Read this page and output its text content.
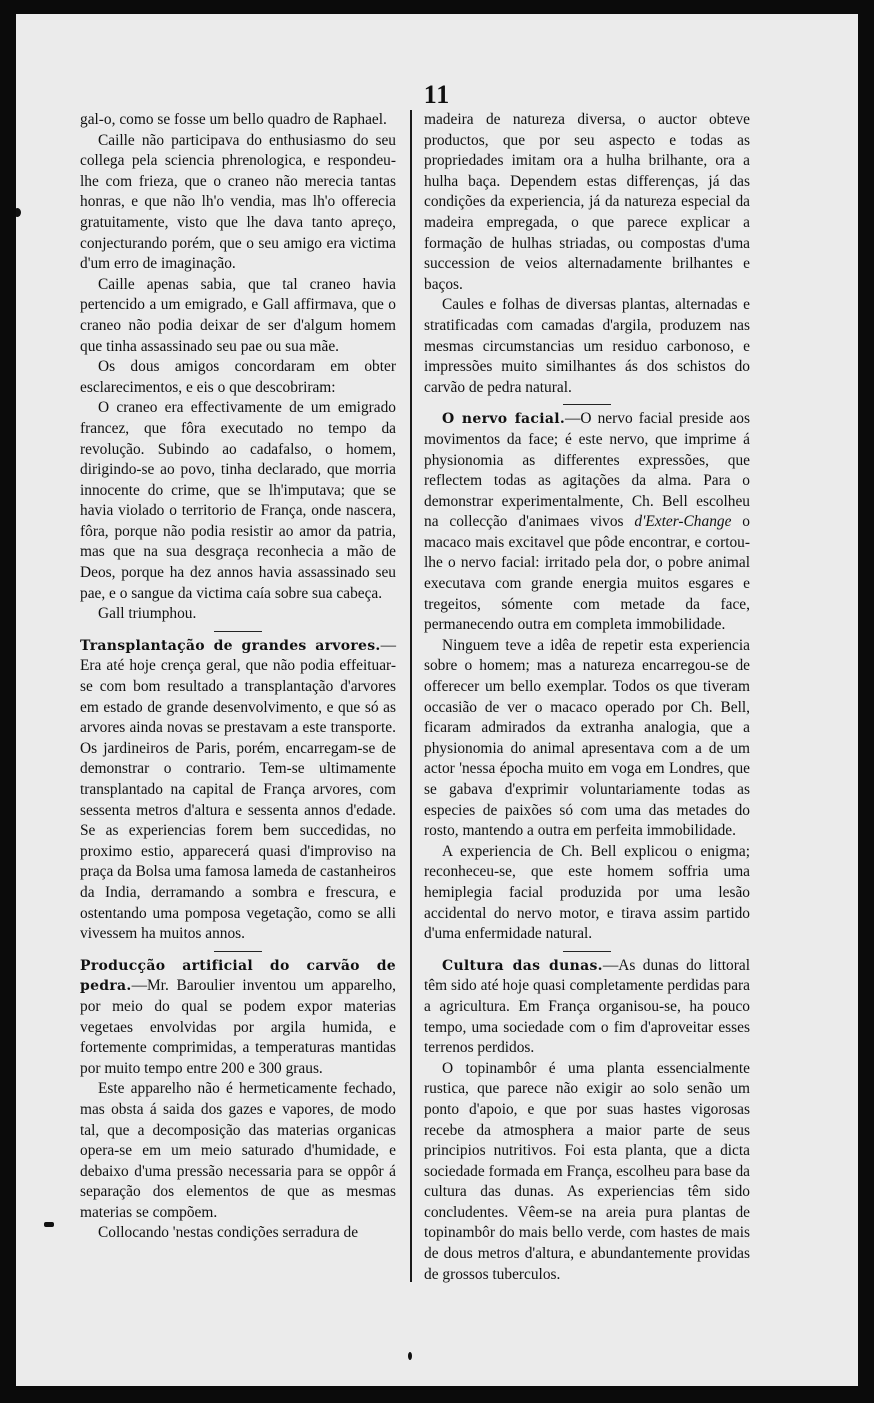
11

gal-o, como se fosse um bello quadro de Raphael.

Caille não participava do enthusiasmo do seu collega pela sciencia phrenologica, e respondeu-lhe com frieza, que o craneo não merecia tantas honras, e que não lh'o vendia, mas lh'o offerecia gratuitamente, visto que lhe dava tanto apreço, conjecturando porém, que o seu amigo era victima d'um erro de imaginação.

Caille apenas sabia, que tal craneo havia pertencido a um emigrado, e Gall affirmava, que o craneo não podia deixar de ser d'algum homem que tinha assassinado seu pae ou sua mãe.

Os dous amigos concordaram em obter esclarecimentos, e eis o que descobriram:

O craneo era effectivamente de um emigrado francez, que fôra executado no tempo da revolução. Subindo ao cadafalso, o homem, dirigindo-se ao povo, tinha declarado, que morria innocente do crime, que se lh'imputava; que se havia violado o territorio de França, onde nascera, fôra, porque não podia resistir ao amor da patria, mas que na sua desgraça reconhecia a mão de Deos, porque ha dez annos havia assassinado seu pae, e o sangue da victima caía sobre sua cabeça.

Gall triumphou.

Transplantação de grandes arvores.—Era até hoje crença geral, que não podia effeituar-se com bom resultado a transplantação d'arvores em estado de grande desenvolvimento, e que só as arvores ainda novas se prestavam a este transporte. Os jardineiros de Paris, porém, encarregam-se de demonstrar o contrario. Tem-se ultimamente transplantado na capital de França arvores, com sessenta metros d'altura e sessenta annos d'edade. Se as experiencias forem bem succedidas, no proximo estio, apparecerá quasi d'improviso na praça da Bolsa uma famosa lameda de castanheiros da India, derramando a sombra e frescura, e ostentando uma pomposa vegetação, como se alli vivessem ha muitos annos.

Producção artificial do carvão de pedra.—Mr. Baroulier inventou um apparelho, por meio do qual se podem expor materias vegetaes envolvidas por argila humida, e fortemente comprimidas, a temperaturas mantidas por muito tempo entre 200 e 300 graus.

Este apparelho não é hermeticamente fechado, mas obsta á saida dos gazes e vapores, de modo tal, que a decomposição das materias organicas opera-se em um meio saturado d'humidade, e debaixo d'uma pressão necessaria para se oppôr á separação dos elementos de que as mesmas materias se compõem.

Collocando 'nestas condições serradura de

madeira de natureza diversa, o auctor obteve productos, que por seu aspecto e todas as propriedades imitam ora a hulha brilhante, ora a hulha baça. Dependem estas differenças, já das condições da experiencia, já da natureza especial da madeira empregada, o que parece explicar a formação de hulhas striadas, ou compostas d'uma succession de veios alternadamente brilhantes e baços.

Caules e folhas de diversas plantas, alternadas e stratificadas com camadas d'argila, produzem nas mesmas circumstancias um residuo carbonoso, e impressões muito similhantes ás dos schistos do carvão de pedra natural.

O nervo facial.—O nervo facial preside aos movimentos da face; é este nervo, que imprime á physionomia as differentes expressões, que reflectem todas as agitações da alma. Para o demonstrar experimentalmente, Ch. Bell escolheu na collecção d'animaes vivos d'Exter-Change o macaco mais excitavel que pôde encontrar, e cortou-lhe o nervo facial: irritado pela dor, o pobre animal executava com grande energia muitos esgares e tregeitos, sómente com metade da face, permanecendo outra em completa immobilidade.

Ninguem teve a idêa de repetir esta experiencia sobre o homem; mas a natureza encarregou-se de offerecer um bello exemplar. Todos os que tiveram occasião de ver o macaco operado por Ch. Bell, ficaram admirados da extranha analogia, que a physionomia do animal apresentava com a de um actor 'nessa épocha muito em voga em Londres, que se gabava d'exprimir voluntariamente todas as especies de paixões só com uma das metades do rosto, mantendo a outra em perfeita immobilidade.

A experiencia de Ch. Bell explicou o enigma; reconheceu-se, que este homem soffria uma hemiplegia facial produzida por uma lesão accidental do nervo motor, e tirava assim partido d'uma enfermidade natural.

Cultura das dunas.—As dunas do littoral têm sido até hoje quasi completamente perdidas para a agricultura. Em França organisou-se, ha pouco tempo, uma sociedade com o fim d'aproveitar esses terrenos perdidos.

O topinambôr é uma planta essencialmente rustica, que parece não exigir ao solo senão um ponto d'apoio, e que por suas hastes vigorosas recebe da atmosphera a maior parte de seus principios nutritivos. Foi esta planta, que a dicta sociedade formada em França, escolheu para base da cultura das dunas. As experiencias têm sido concludentes. Vêem-se na areia pura plantas de topinambôr do mais bello verde, com hastes de mais de dous metros d'altura, e abundantemente providas de grossos tuberculos.
